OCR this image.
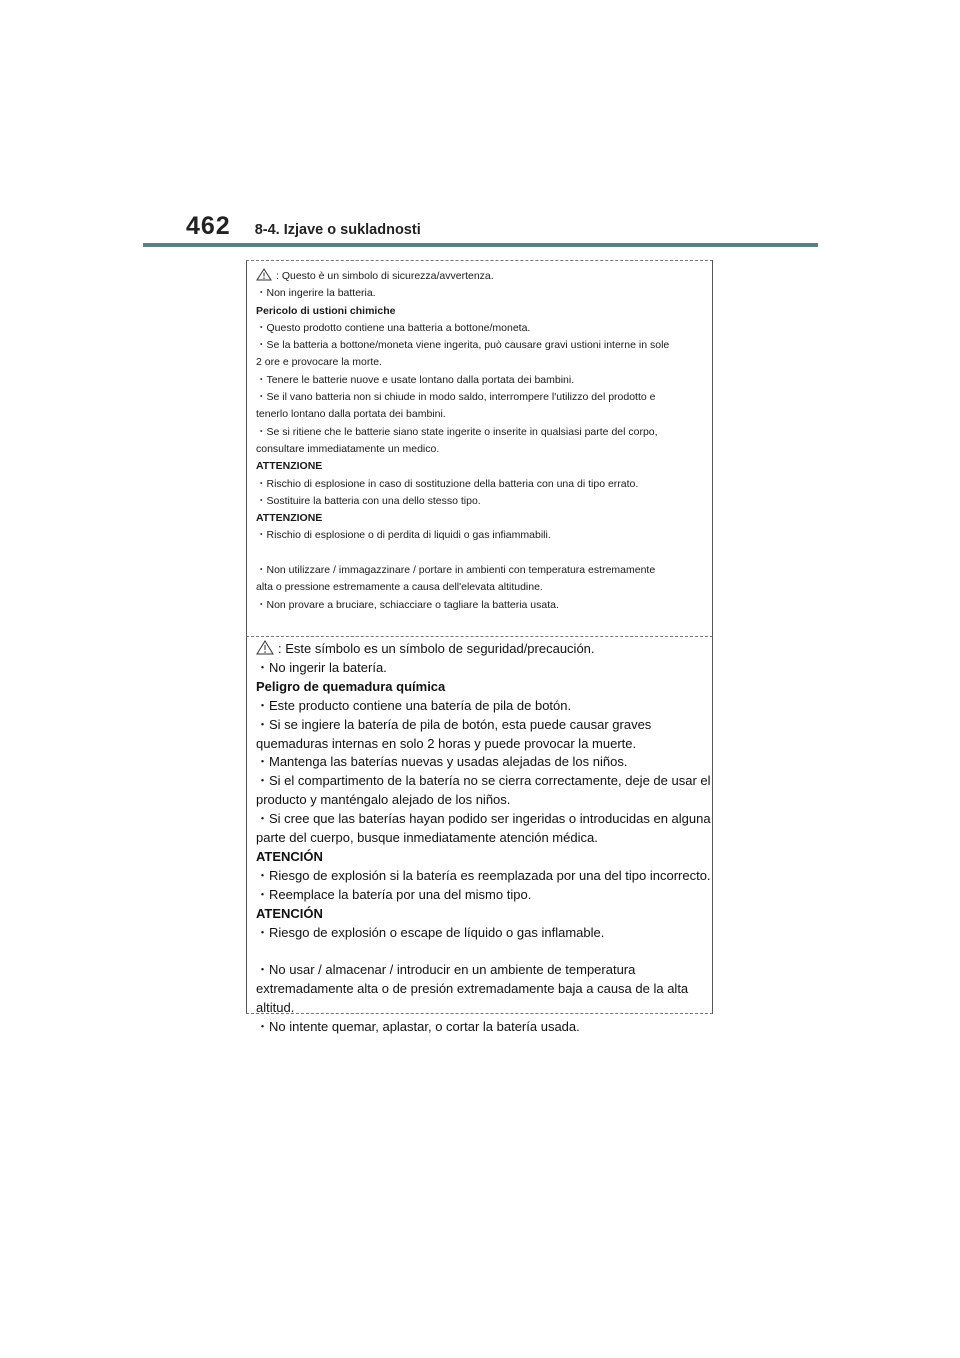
462 8-4. Izjave o sukladnosti
: Questo è un simbolo di sicurezza/avvertenza.
・Non ingerire la batteria.
Pericolo di ustioni chimiche
・Questo prodotto contiene una batteria a bottone/moneta.
・Se la batteria a bottone/moneta viene ingerita, può causare gravi ustioni interne in sole
2 ore e provocare la morte.
・Tenere le batterie nuove e usate lontano dalla portata dei bambini.
・Se il vano batteria non si chiude in modo saldo, interrompere l'utilizzo del prodotto e
tenerlo lontano dalla portata dei bambini.
・Se si ritiene che le batterie siano state ingerite o inserite in qualsiasi parte del corpo,
consultare immediatamente un medico.
ATTENZIONE
・Rischio di esplosione in caso di sostituzione della batteria con una di tipo errato.
・Sostituire la batteria con una dello stesso tipo.
ATTENZIONE
・Rischio di esplosione o di perdita di liquidi o gas infiammabili.
・Non utilizzare / immagazzinare / portare in ambienti con temperatura estremamente
alta o pressione estremamente a causa dell'elevata altitudine.
・Non provare a bruciare, schiacciare o tagliare la batteria usata.
: Este símbolo es un símbolo de seguridad/precaución.
・No ingerir la batería.
Peligro de quemadura química
・Este producto contiene una batería de pila de botón.
・Si se ingiere la batería de pila de botón, esta puede causar graves
quemaduras internas en solo 2 horas y puede provocar la muerte.
・Mantenga las baterías nuevas y usadas alejadas de los niños.
・Si el compartimento de la batería no se cierra correctamente, deje de usar el
producto y manténgalo alejado de los niños.
・Si cree que las baterías hayan podido ser ingeridas o introducidas en alguna
parte del cuerpo, busque inmediatamente atención médica.
ATENCIÓN
・Riesgo de explosión si la batería es reemplazada por una del tipo incorrecto.
・Reemplace la batería por una del mismo tipo.
ATENCIÓN
・Riesgo de explosión o escape de líquido o gas inflamable.
・No usar / almacenar / introducir en un ambiente de temperatura
extremadamente alta o de presión extremadamente baja a causa de la alta
altitud.
・No intente quemar, aplastar, o cortar la batería usada.
